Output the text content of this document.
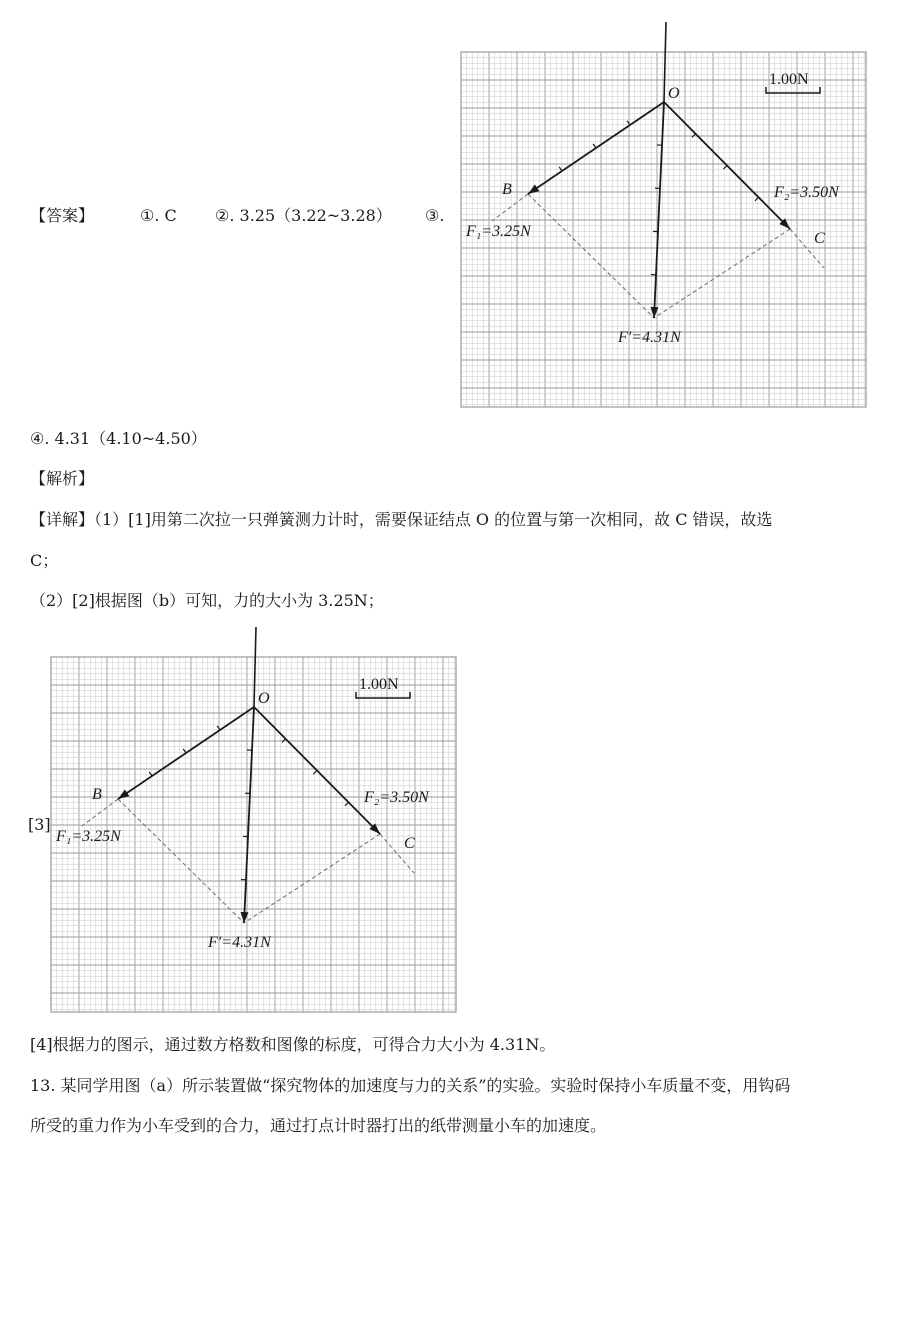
【答案】	①. C ②. 3.25（3.22~3.28） ③.
1.00N
O
B
C
F₁=3.25N
F₂=3.50N
F′=4.31N
④. 4.31（4.10~4.50）
【解析】
【详解】（1）[1]用第二次拉一只弹簧测力计时，需要保证结点 O 的位置与第一次相同，故 C 错误，故选
C；
（2）[2]根据图（b）可知，力的大小为 3.25N；
[3]
1.00N
O
B
C
F₁=3.25N
F₂=3.50N
F′=4.31N
[4]根据力的图示，通过数方格数和图像的标度，可得合力大小为 4.31N。
13. 某同学用图（a）所示装置做“探究物体的加速度与力的关系”的实验。实验时保持小车质量不变，用钩码
所受的重力作为小车受到的合力，通过打点计时器打出的纸带测量小车的加速度。
